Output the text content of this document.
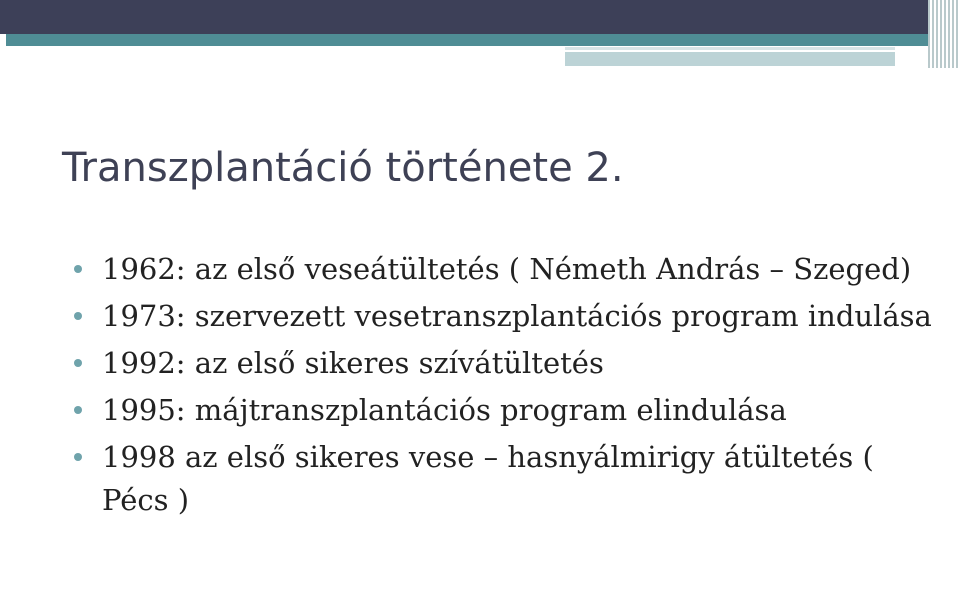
Transzplantáció története 2.
1962: az első veseátültetés ( Németh András – Szeged)
1973: szervezett vesetranszplantációs program indulása
1992: az első sikeres szívátültetés
1995: májtranszplantációs program elindulása
1998 az első sikeres vese – hasnyálmirigy átültetés ( Pécs )
